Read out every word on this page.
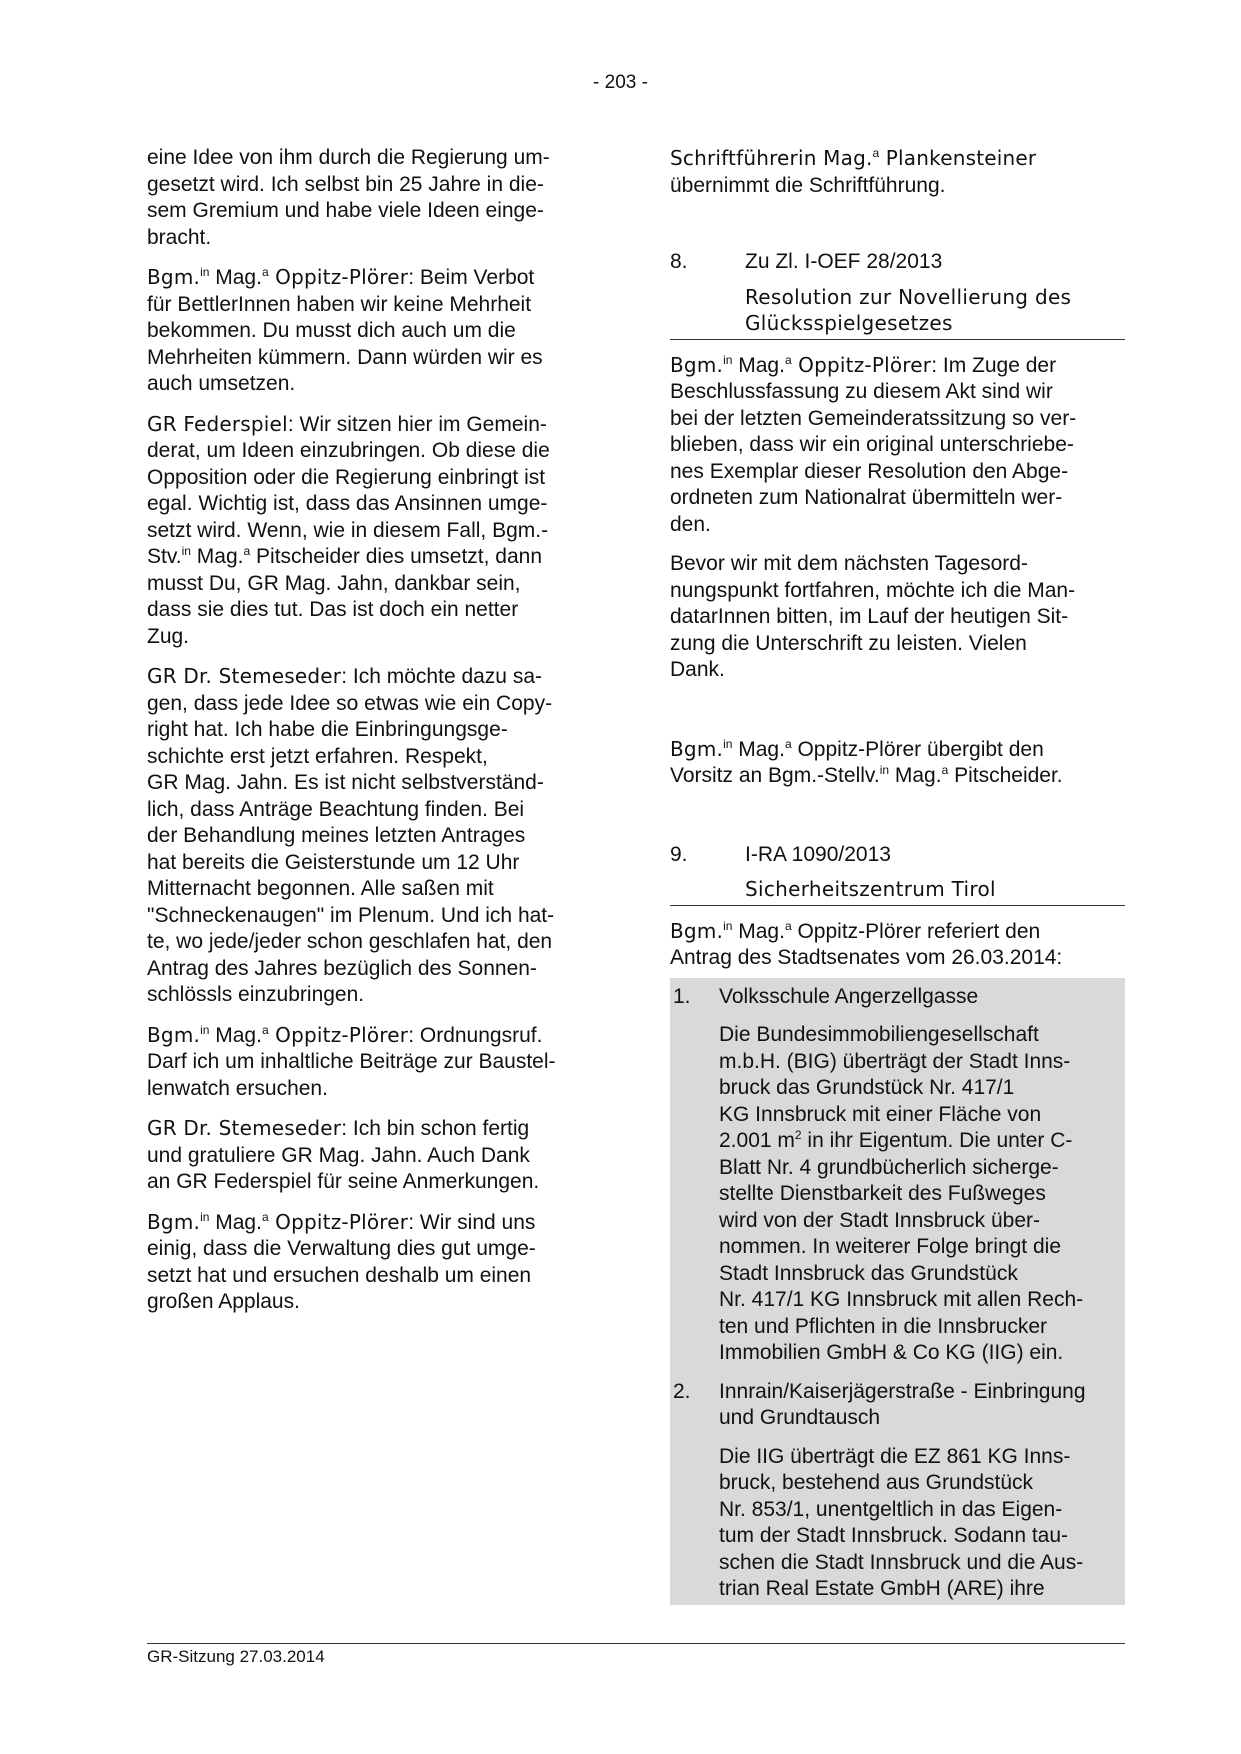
- 203 -

eine Idee von ihm durch die Regierung um-
gesetzt wird. Ich selbst bin 25 Jahre in die-
sem Gremium und habe viele Ideen einge-
bracht.

Bgm.$^{in}$ Mag.$^a$ Oppitz-Plörer: Beim Verbot
für BettlerInnen haben wir keine Mehrheit
bekommen. Du musst dich auch um die
Mehrheiten kümmern. Dann würden wir es
auch umsetzen.

GR Federspiel: Wir sitzen hier im Gemein-
derat, um Ideen einzubringen. Ob diese die
Opposition oder die Regierung einbringt ist
egal. Wichtig ist, dass das Ansinnen umge-
setzt wird. Wenn, wie in diesem Fall, Bgm.-
Stv.$^{in}$ Mag.$^a$ Pitscheider dies umsetzt, dann
musst Du, GR Mag. Jahn, dankbar sein,
dass sie dies tut. Das ist doch ein netter
Zug.

GR Dr. Stemeseder: Ich möchte dazu sa-
gen, dass jede Idee so etwas wie ein Copy-
right hat. Ich habe die Einbringungsge-
schichte erst jetzt erfahren. Respekt,
GR Mag. Jahn. Es ist nicht selbstverständ-
lich, dass Anträge Beachtung finden. Bei
der Behandlung meines letzten Antrages
hat bereits die Geisterstunde um 12 Uhr
Mitternacht begonnen. Alle saßen mit
"Schneckenaugen" im Plenum. Und ich hat-
te, wo jede/jeder schon geschlafen hat, den
Antrag des Jahres bezüglich des Sonnen-
schlössls einzubringen.

Bgm.$^{in}$ Mag.$^a$ Oppitz-Plörer: Ordnungsruf.
Darf ich um inhaltliche Beiträge zur Baustel-
lenwatch ersuchen.

GR Dr. Stemeseder: Ich bin schon fertig
und gratuliere GR Mag. Jahn. Auch Dank
an GR Federspiel für seine Anmerkungen.

Bgm.$^{in}$ Mag.$^a$ Oppitz-Plörer: Wir sind uns
einig, dass die Verwaltung dies gut umge-
setzt hat und ersuchen deshalb um einen
großen Applaus.

Schriftführerin Mag.$^a$ Plankensteiner
übernimmt die Schriftführung.

8.	Zu Zl. I-OEF 28/2013
Resolution zur Novellierung des
Glücksspielgesetzes

Bgm.$^{in}$ Mag.$^a$ Oppitz-Plörer: Im Zuge der
Beschlussfassung zu diesem Akt sind wir
bei der letzten Gemeinderatssitzung so ver-
blieben, dass wir ein original unterschriebe-
nes Exemplar dieser Resolution den Abge-
ordneten zum Nationalrat übermitteln wer-
den.

Bevor wir mit dem nächsten Tagesord-
nungspunkt fortfahren, möchte ich die Man-
datarInnen bitten, im Lauf der heutigen Sit-
zung die Unterschrift zu leisten. Vielen
Dank.

Bgm.$^{in}$ Mag.$^a$ Oppitz-Plörer übergibt den
Vorsitz an Bgm.-Stellv.$^{in}$ Mag.$^a$ Pitscheider.

9.	I-RA 1090/2013
Sicherheitszentrum Tirol

Bgm.$^{in}$ Mag.$^a$ Oppitz-Plörer referiert den
Antrag des Stadtsenates vom 26.03.2014:

1. Volksschule Angerzellgasse
Die Bundesimmobiliengesellschaft
m.b.H. (BIG) überträgt der Stadt Inns-
bruck das Grundstück Nr. 417/1
KG Innsbruck mit einer Fläche von
2.001 $m^2$ in ihr Eigentum. Die unter C-
Blatt Nr. 4 grundbücherlich sicherge-
stellte Dienstbarkeit des Fußweges
wird von der Stadt Innsbruck über-
nommen. In weiterer Folge bringt die
Stadt Innsbruck das Grundstück
Nr. 417/1 KG Innsbruck mit allen Rech-
ten und Pflichten in die Innsbrucker
Immobilien GmbH & Co KG (IIG) ein.
2. Innrain/Kaiserjägerstraße - Einbringung
und Grundtausch
Die IIG überträgt die EZ 861 KG Inns-
bruck, bestehend aus Grundstück
Nr. 853/1, unentgeltlich in das Eigen-
tum der Stadt Innsbruck. Sodann tau-
schen die Stadt Innsbruck und die Aus-
trian Real Estate GmbH (ARE) ihre
GR-Sitzung 27.03.2014
